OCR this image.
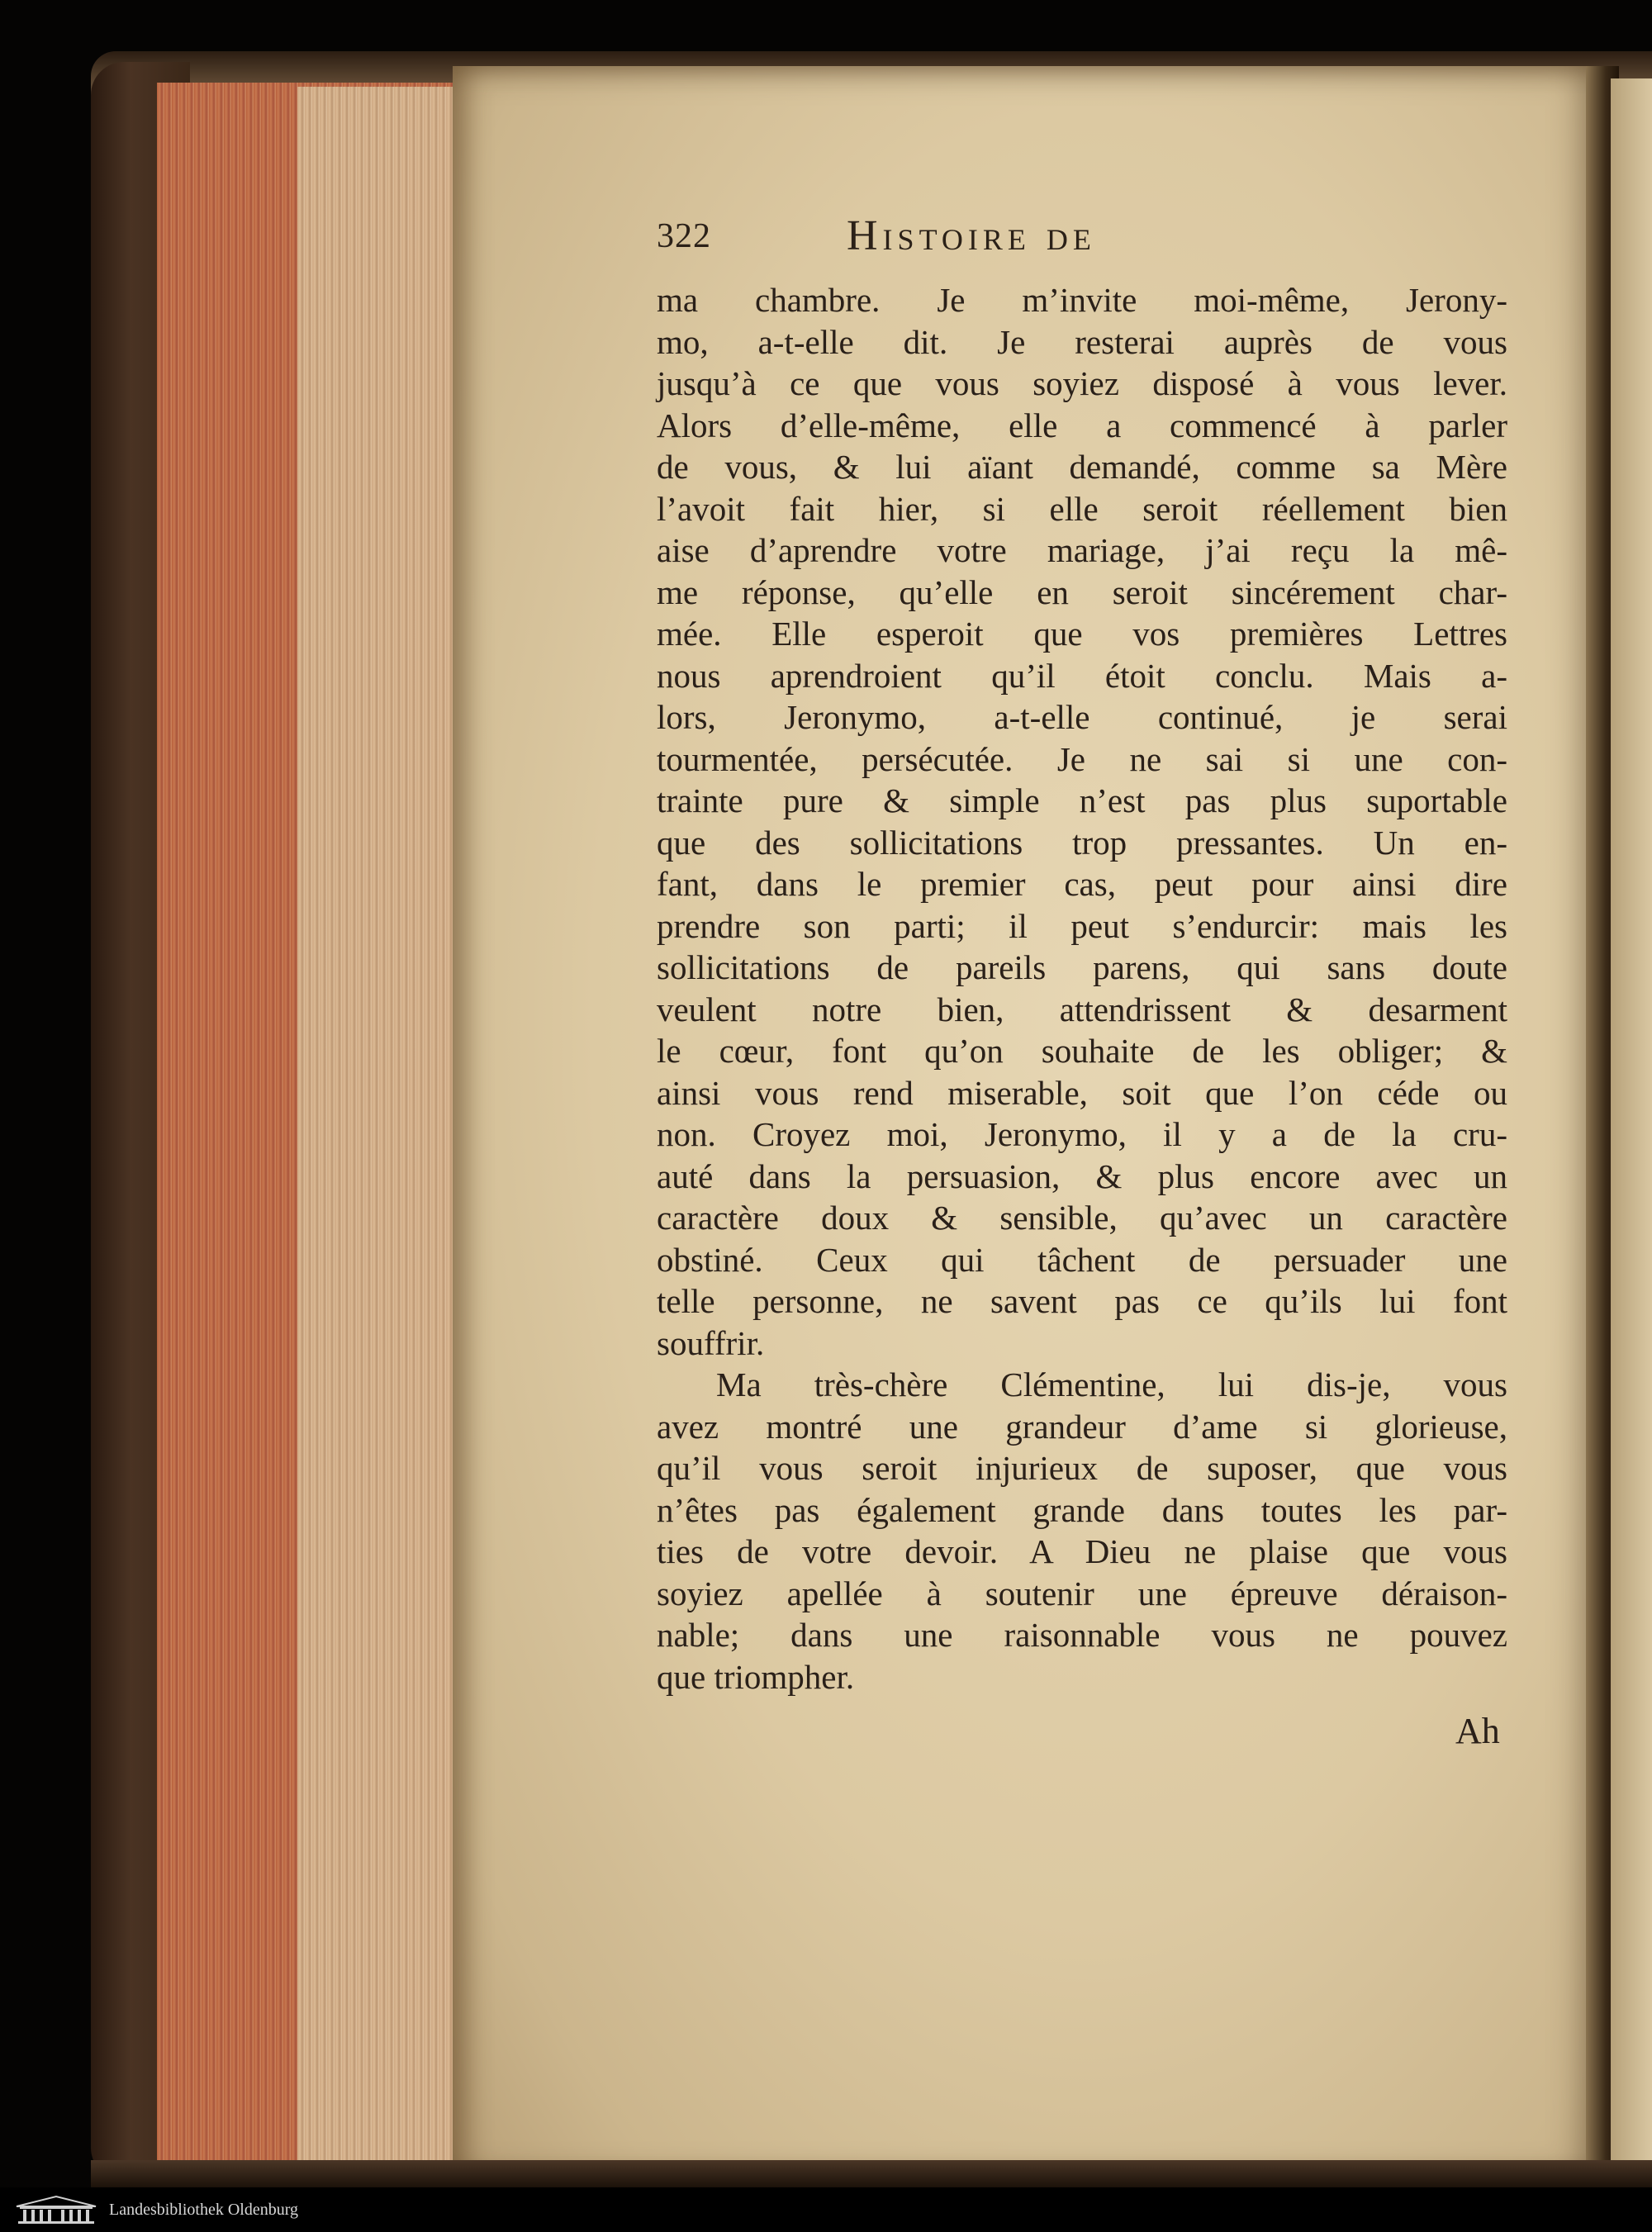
322	Histoire de
ma chambre. Je m’invite moi-même, Jerony-
mo, a-t-elle dit. Je resterai auprès de vous
jusqu’à ce que vous soyiez disposé à vous lever.
Alors d’elle-même, elle a commencé à parler
de vous, & lui aïant demandé, comme sa Mère
l’avoit fait hier, si elle seroit réellement bien
aise d’aprendre votre mariage, j’ai reçu la mê-
me réponse, qu’elle en seroit sincérement char-
mée. Elle esperoit que vos premières Lettres
nous aprendroient qu’il étoit conclu. Mais a-
lors, Jeronymo, a-t-elle continué, je serai
tourmentée, persécutée. Je ne sai si une con-
trainte pure & simple n’est pas plus suportable
que des sollicitations trop pressantes. Un en-
fant, dans le premier cas, peut pour ainsi dire
prendre son parti; il peut s’endurcir: mais les
sollicitations de pareils parens, qui sans doute
veulent notre bien, attendrissent & desarment
le cœur, font qu’on souhaite de les obliger; &
ainsi vous rend miserable, soit que l’on céde ou
non. Croyez moi, Jeronymo, il y a de la cru-
auté dans la persuasion, & plus encore avec un
caractère doux & sensible, qu’avec un caractère
obstiné. Ceux qui tâchent de persuader une
telle personne, ne savent pas ce qu’ils lui font
souffrir.
Ma très-chère Clémentine, lui dis-je, vous
avez montré une grandeur d’ame si glorieuse,
qu’il vous seroit injurieux de suposer, que vous
n’êtes pas également grande dans toutes les par-
ties de votre devoir. A Dieu ne plaise que vous
soyiez apellée à soutenir une épreuve déraison-
nable; dans une raisonnable vous ne pouvez
que triompher.
Ah
Landesbibliothek Oldenburg
